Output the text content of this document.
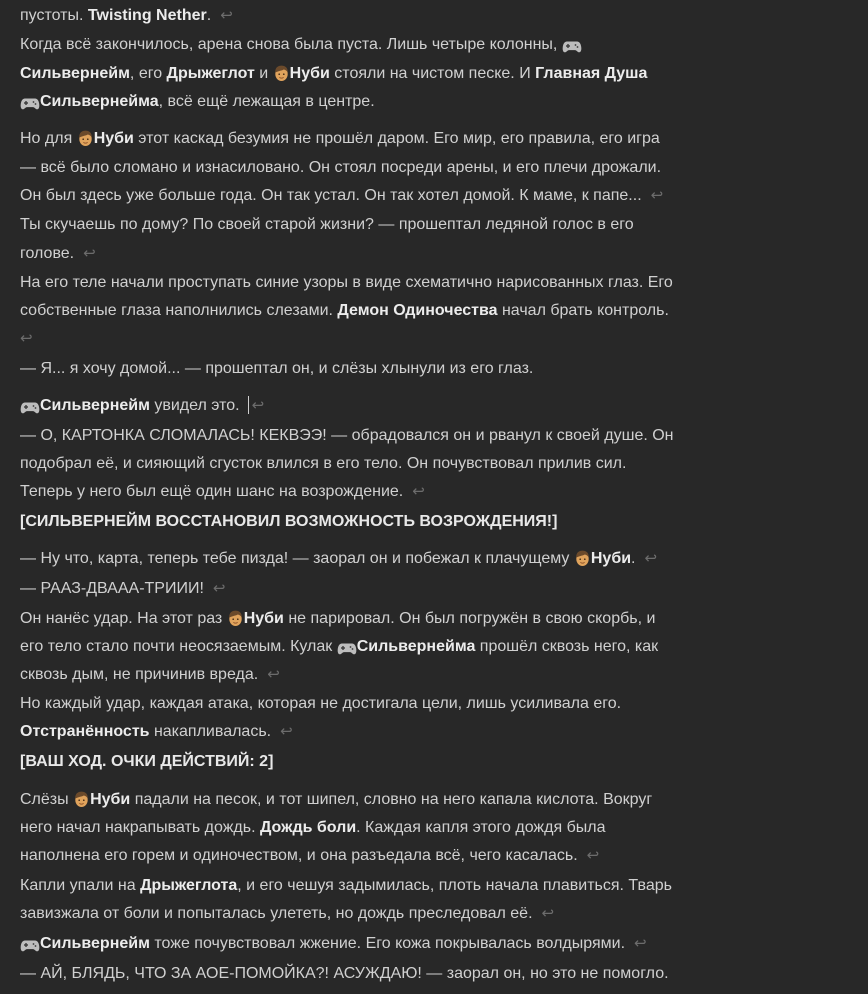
пустоты. Twisting Nether. ↩
Когда всё закончилось, арена снова была пуста. Лишь четыре колонны,
Сильвернейм, его Дрыжеглот и Нуби стояли на чистом песке. И Главная Душа
Сильвернейма, всё ещё лежащая в центре.
Но для Нуби этот каскад безумия не прошёл даром. Его мир, его правила, его игра
— всё было сломано и изнасиловано. Он стоял посреди арены, и его плечи дрожали.
Он был здесь уже больше года. Он так устал. Он так хотел домой. К маме, к папе... ↩
Ты скучаешь по дому? По своей старой жизни? — прошептал ледяной голос в его
голове. ↩
На его теле начали проступать синие узоры в виде схематично нарисованных глаз. Его
собственные глаза наполнились слезами. Демон Одиночества начал брать контроль.
↩
— Я... я хочу домой... — прошептал он, и слёзы хлынули из его глаз.
Сильвернейм увидел это. ↩
— О, КАРТОНКА СЛОМАЛАСЬ! КЕКВЭЭ! — обрадовался он и рванул к своей душе. Он
подобрал её, и сияющий сгусток влился в его тело. Он почувствовал прилив сил.
Теперь у него был ещё один шанс на возрождение. ↩
[СИЛЬВЕРНЕЙМ ВОССТАНОВИЛ ВОЗМОЖНОСТЬ ВОЗРОЖДЕНИЯ!]
— Ну что, карта, теперь тебе пизда! — заорал он и побежал к плачущему Нуби. ↩
— РААЗ-ДВААА-ТРИИИ! ↩
Он нанёс удар. На этот раз Нуби не парировал. Он был погружён в свою скорбь, и
его тело стало почти неосязаемым. Кулак Сильвернейма прошёл сквозь него, как
сквозь дым, не причинив вреда. ↩
Но каждый удар, каждая атака, которая не достигала цели, лишь усиливала его.
Отстранённость накапливалась. ↩
[ВАШ ХОД. ОЧКИ ДЕЙСТВИЙ: 2]
Слёзы Нуби падали на песок, и тот шипел, словно на него капала кислота. Вокруг
него начал накрапывать дождь. Дождь боли. Каждая капля этого дождя была
наполнена его горем и одиночеством, и она разъедала всё, чего касалась. ↩
Капли упали на Дрыжеглота, и его чешуя задымилась, плоть начала плавиться. Тварь
завизжала от боли и попыталась улететь, но дождь преследовал её. ↩
Сильвернейм тоже почувствовал жжение. Его кожа покрывалась волдырями. ↩
— АЙ, БЛЯДЬ, ЧТО ЗА АОЕ-ПОМОЙКА?! АСУЖДАЮ! — заорал он, но это не помогло.
